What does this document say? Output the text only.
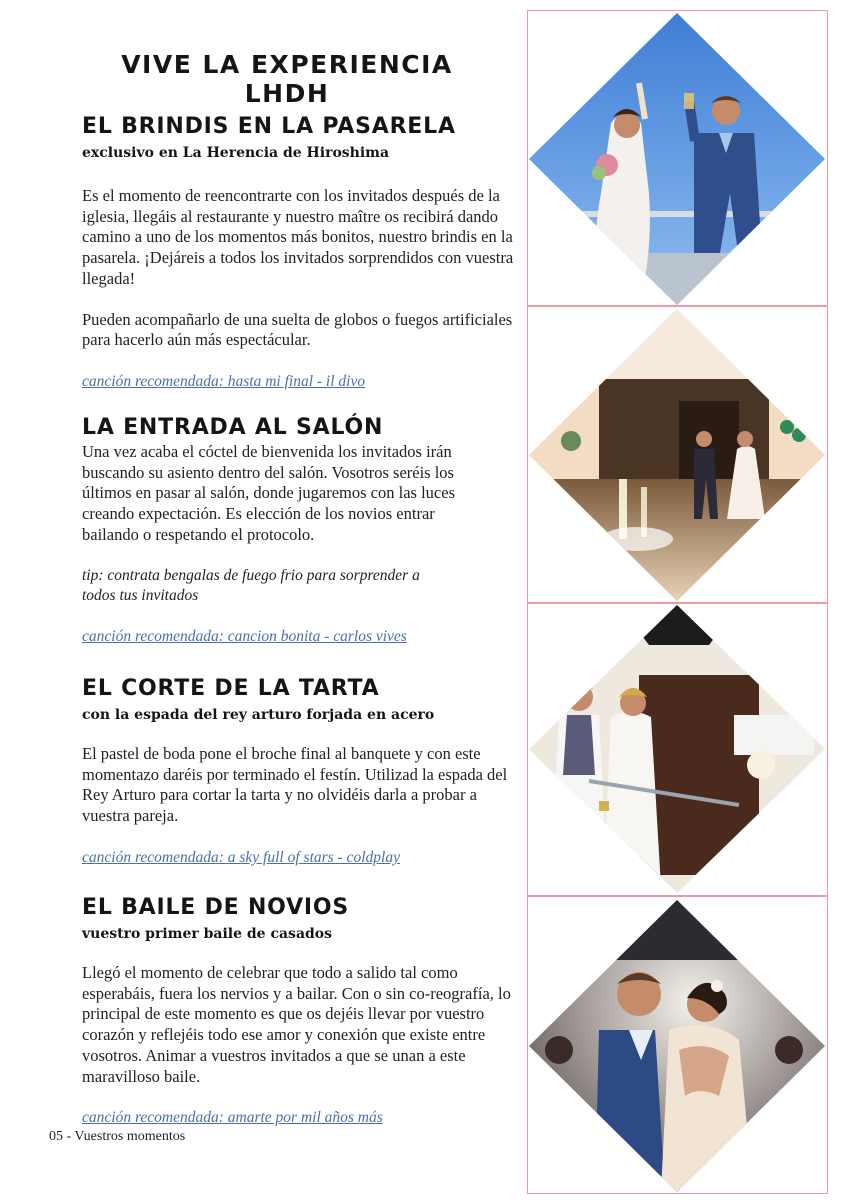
VIVE LA EXPERIENCIA LHDH
EL BRINDIS EN LA PASARELA

exclusivo en La Herencia de Hiroshima

Es el momento de reencontrarte con los invitados después de la iglesia, llegáis al restaurante y nuestro maître os recibirá dando camino a uno de los momentos más bonitos, nuestro brindis en la pasarela. ¡Dejáreis a todos los invitados sorprendidos con vuestra llegada!

Pueden acompañarlo de una suelta de globos o fuegos artificiales para hacerlo aún más espectácular.

canción recomendada: hasta mi final - il divo
LA ENTRADA AL SALÓN

Una vez acaba el cóctel de bienvenida los invitados irán buscando su asiento dentro del salón. Vosotros seréis los últimos en pasar al salón, donde jugaremos con las luces creando expectación. Es elección de los novios entrar bailando o respetando el protocolo.

tip: contrata bengalas de fuego frio para sorprender a todos tus invitados

canción recomendada: cancion bonita - carlos vives
EL CORTE DE LA TARTA

con la espada del rey arturo forjada en acero

El pastel de boda pone el broche final al banquete y con este momentazo daréis por terminado el festín. Utilizad la espada del Rey Arturo para cortar la tarta y no olvidéis darla a probar a vuestra pareja.

canción recomendada: a sky full of stars - coldplay
EL BAILE DE NOVIOS

vuestro primer baile de casados

Llegó el momento de celebrar que todo a salido tal como esperabáis, fuera los nervios y a bailar. Con o sin co-reografía, lo principal de este momento es que os dejéis llevar por vuestro corazón y reflejéis todo ese amor y conexión que existe entre vosotros. Animar a vuestros invitados a que se unan a este maravilloso baile.

canción recomendada: amarte por mil años más
05 - Vuestros momentos
